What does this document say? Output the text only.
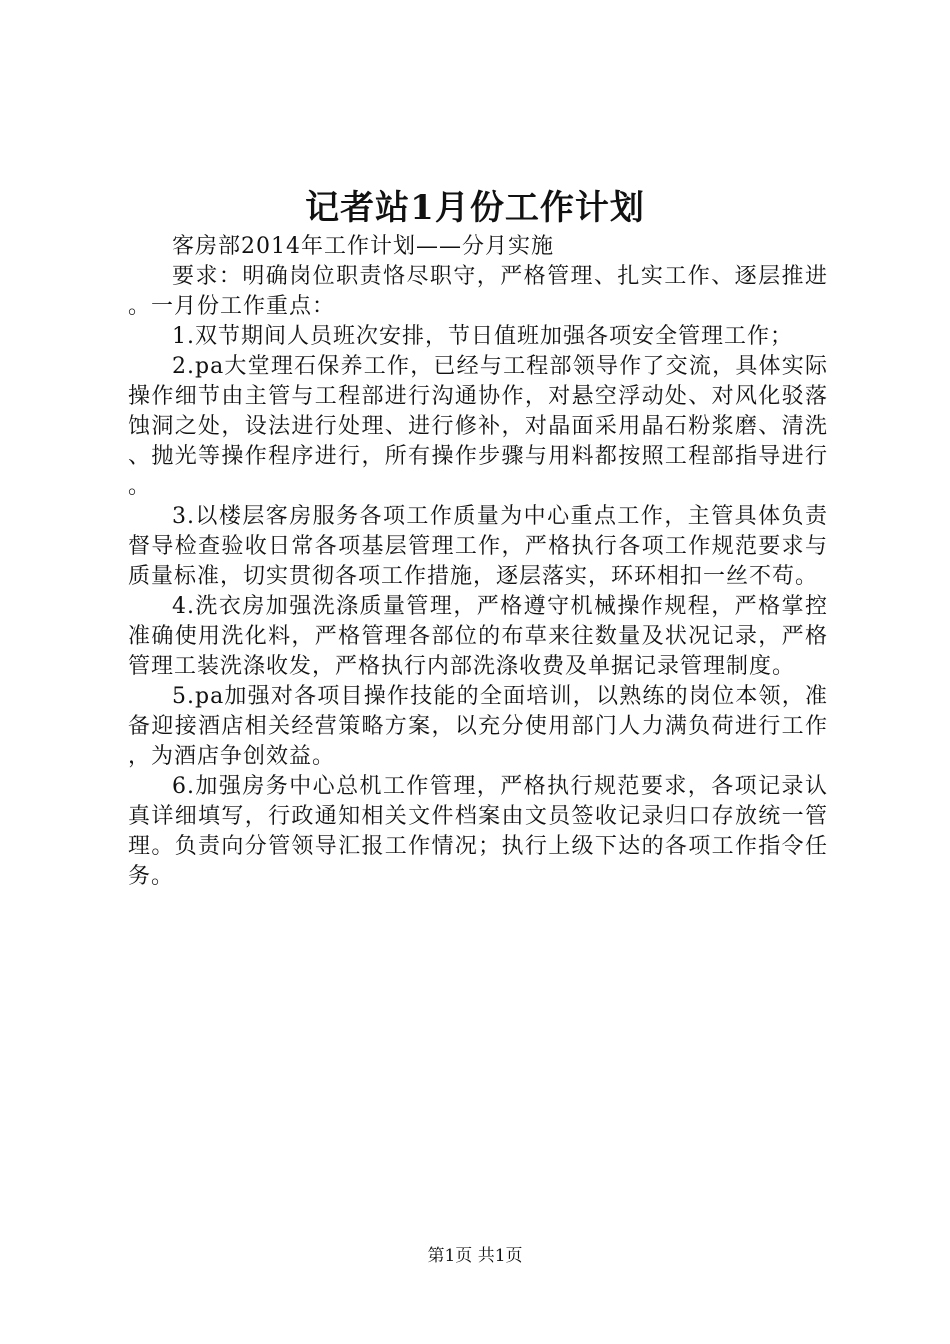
记者站1月份工作计划

客房部2014年工作计划——分月实施

要求：明确岗位职责恪尽职守，严格管理、扎实工作、逐层推进。一月份工作重点：

1.双节期间人员班次安排，节日值班加强各项安全管理工作；

2.pa大堂理石保养工作，已经与工程部领导作了交流，具体实际操作细节由主管与工程部进行沟通协作，对悬空浮动处、对风化驳落蚀洞之处，设法进行处理、进行修补，对晶面采用晶石粉浆磨、清洗、抛光等操作程序进行，所有操作步骤与用料都按照工程部指导进行。

3.以楼层客房服务各项工作质量为中心重点工作，主管具体负责督导检查验收日常各项基层管理工作，严格执行各项工作规范要求与质量标准，切实贯彻各项工作措施，逐层落实，环环相扣一丝不苟。

4.洗衣房加强洗涤质量管理，严格遵守机械操作规程，严格掌控准确使用洗化料，严格管理各部位的布草来往数量及状况记录，严格管理工装洗涤收发，严格执行内部洗涤收费及单据记录管理制度。

5.pa加强对各项目操作技能的全面培训，以熟练的岗位本领，准备迎接酒店相关经营策略方案，以充分使用部门人力满负荷进行工作，为酒店争创效益。

6.加强房务中心总机工作管理，严格执行规范要求，各项记录认真详细填写，行政通知相关文件档案由文员签收记录归口存放统一管理。负责向分管领导汇报工作情况；执行上级下达的各项工作指令任务。

第1页 共1页
